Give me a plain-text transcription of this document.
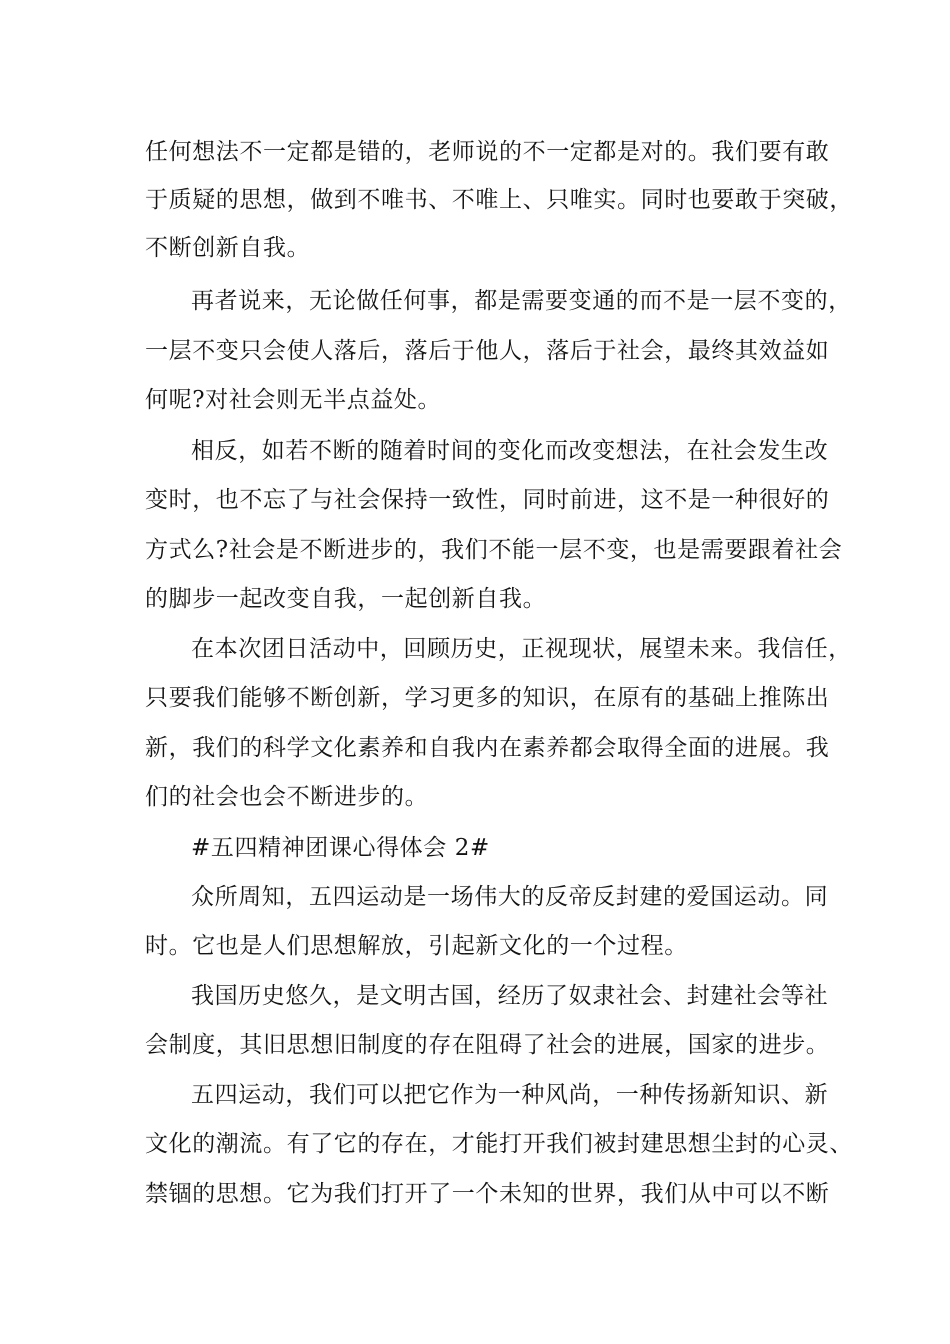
任何想法不一定都是错的，老师说的不一定都是对的。我们要有敢

于质疑的思想，做到不唯书、不唯上、只唯实。同时也要敢于突破，

不断创新自我。

再者说来，无论做任何事，都是需要变通的而不是一层不变的，

一层不变只会使人落后，落后于他人，落后于社会，最终其效益如

何呢?对社会则无半点益处。

相反，如若不断的随着时间的变化而改变想法，在社会发生改

变时，也不忘了与社会保持一致性，同时前进，这不是一种很好的

方式么?社会是不断进步的，我们不能一层不变，也是需要跟着社会

的脚步一起改变自我，一起创新自我。

在本次团日活动中，回顾历史，正视现状，展望未来。我信任，

只要我们能够不断创新，学习更多的知识，在原有的基础上推陈出

新，我们的科学文化素养和自我内在素养都会取得全面的进展。我

们的社会也会不断进步的。

#五四精神团课心得体会 2#

众所周知，五四运动是一场伟大的反帝反封建的爱国运动。同

时。它也是人们思想解放，引起新文化的一个过程。

我国历史悠久，是文明古国，经历了奴隶社会、封建社会等社

会制度，其旧思想旧制度的存在阻碍了社会的进展，国家的进步。

五四运动，我们可以把它作为一种风尚，一种传扬新知识、新

文化的潮流。有了它的存在，才能打开我们被封建思想尘封的心灵、

禁锢的思想。它为我们打开了一个未知的世界，我们从中可以不断
